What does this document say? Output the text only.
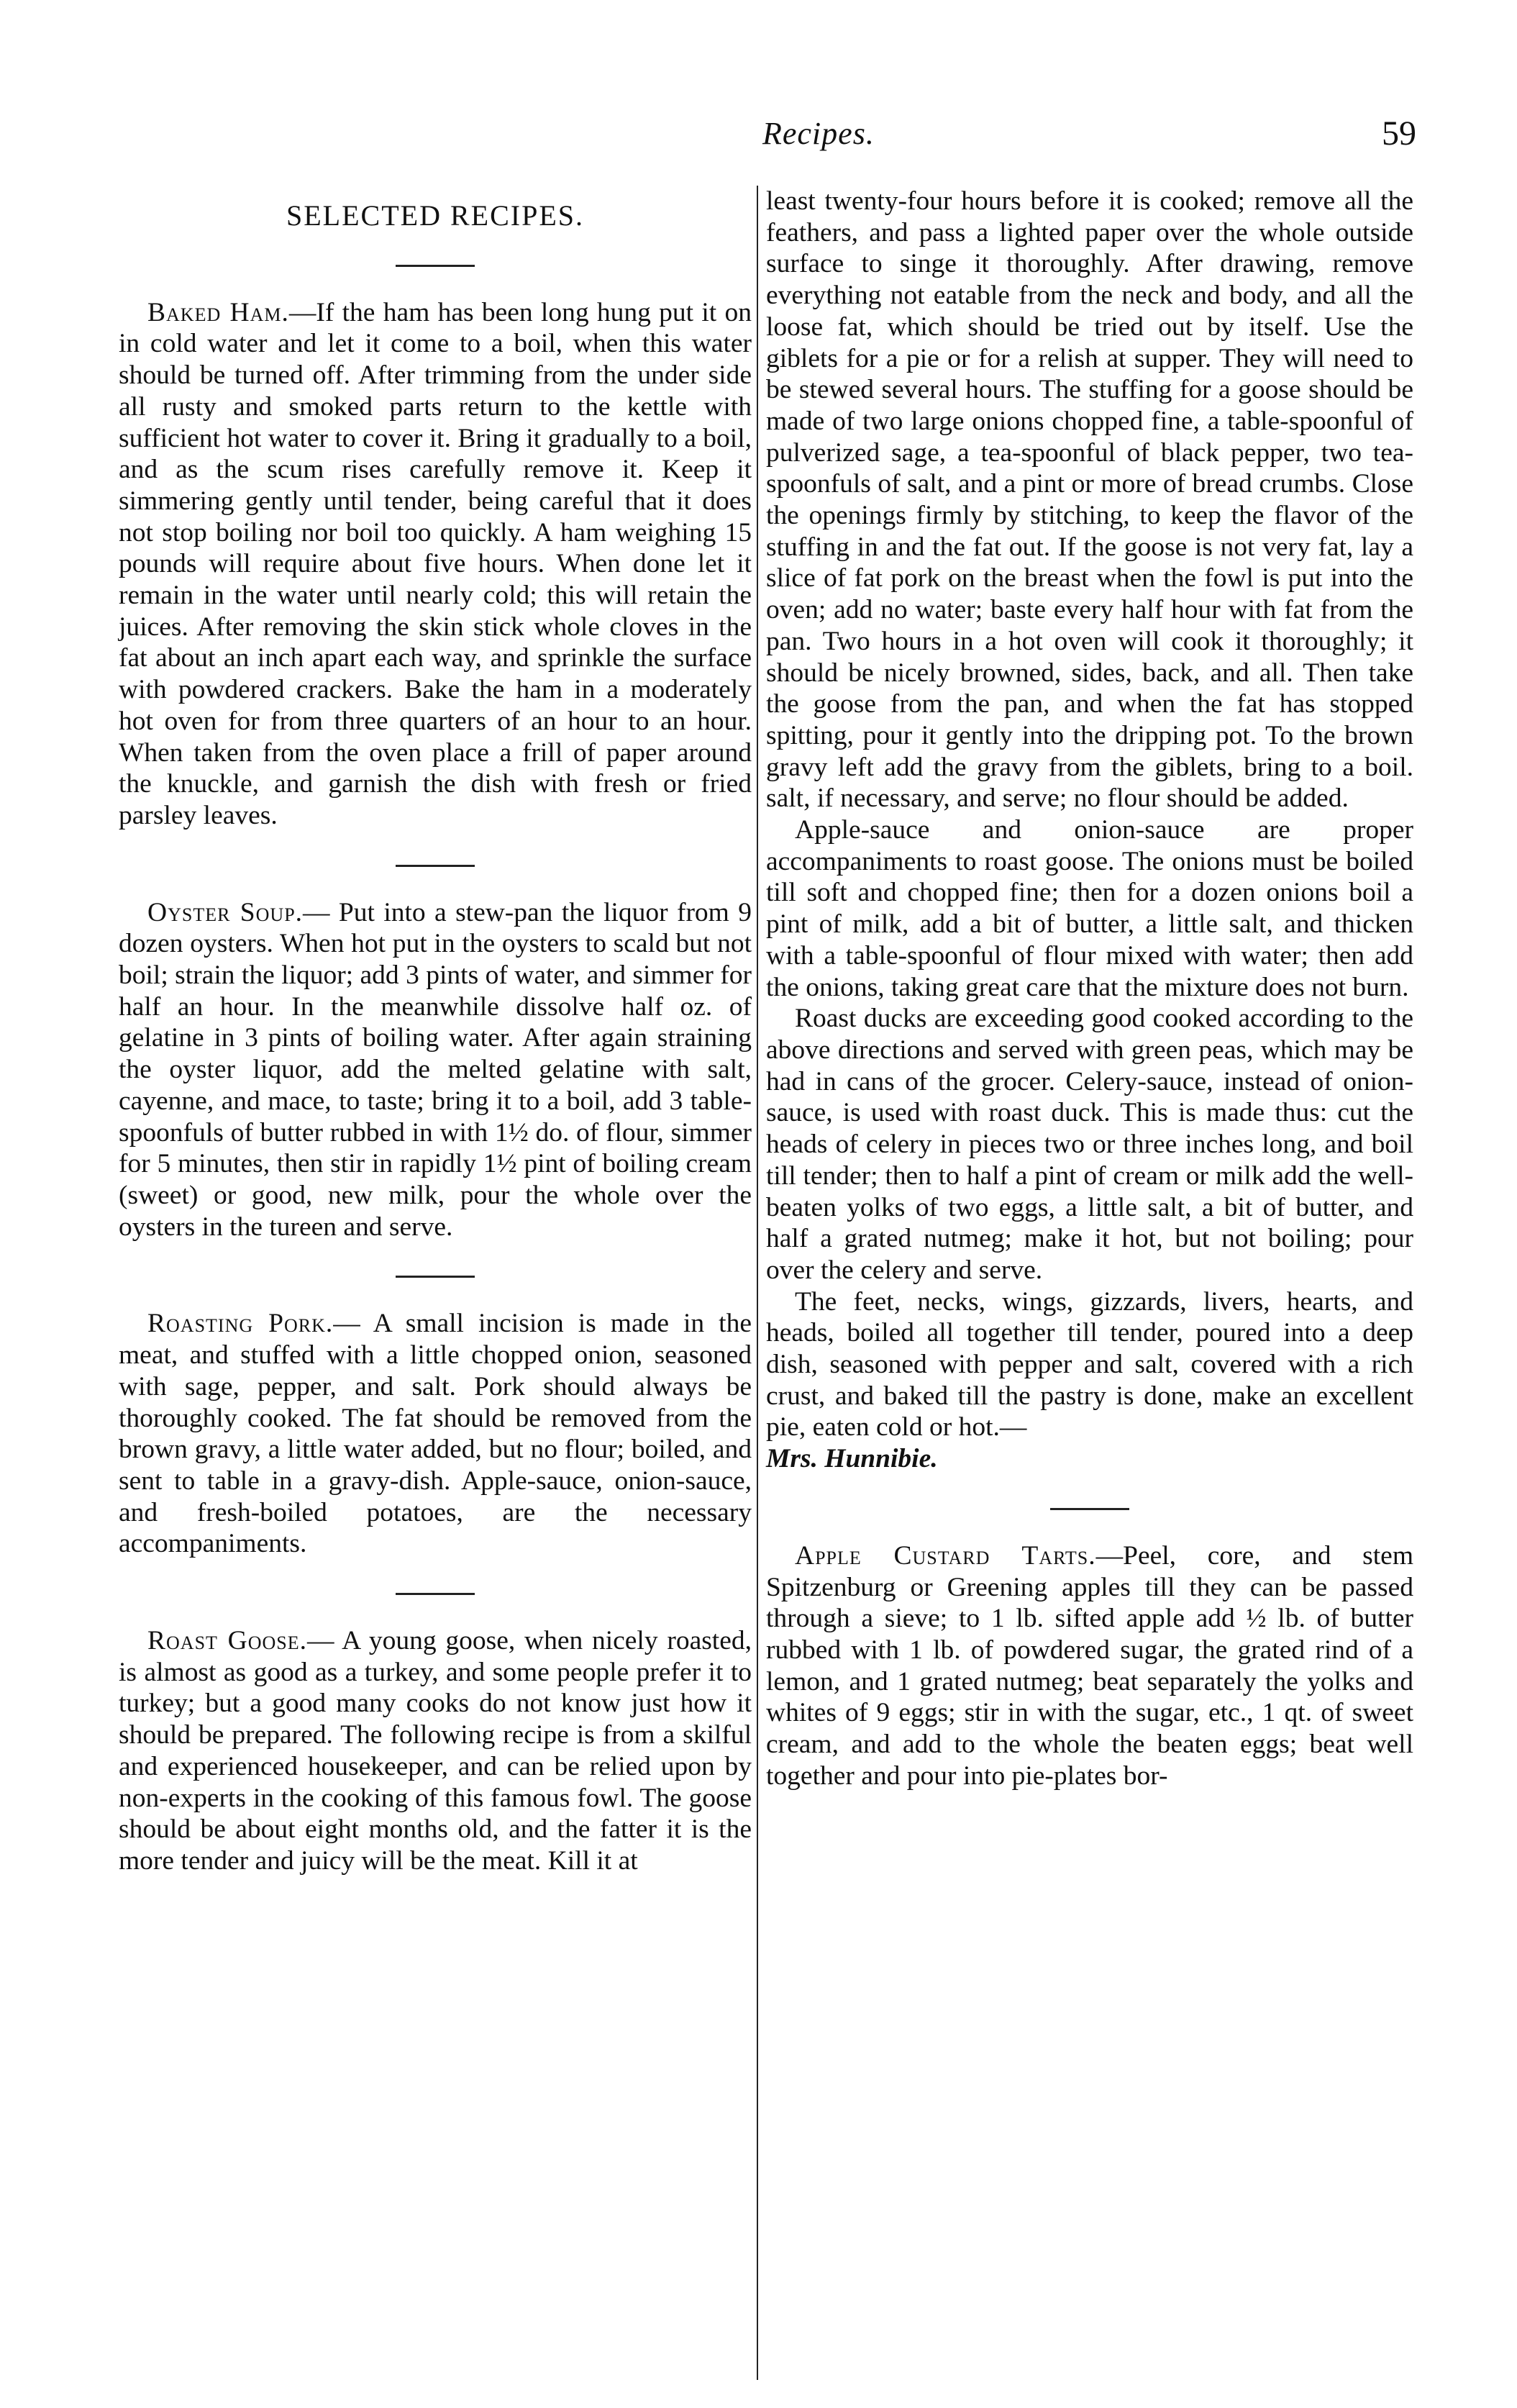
Recipes.	59
SELECTED RECIPES.

Baked Ham.—If the ham has been long hung put it on in cold water and let it come to a boil, when this water should be turned off. After trimming from the under side all rusty and smoked parts return to the kettle with sufficient hot water to cover it. Bring it gradually to a boil, and as the scum rises carefully remove it. Keep it simmering gently until tender, being careful that it does not stop boiling nor boil too quickly. A ham weighing 15 pounds will require about five hours. When done let it remain in the water until nearly cold; this will retain the juices. After removing the skin stick whole cloves in the fat about an inch apart each way, and sprinkle the surface with powdered crackers. Bake the ham in a moderately hot oven for from three quarters of an hour to an hour. When taken from the oven place a frill of paper around the knuckle, and garnish the dish with fresh or fried parsley leaves.

Oyster Soup.— Put into a stew-pan the liquor from 9 dozen oysters. When hot put in the oysters to scald but not boil; strain the liquor; add 3 pints of water, and simmer for half an hour. In the meanwhile dissolve half oz. of gelatine in 3 pints of boiling water. After again straining the oyster liquor, add the melted gelatine with salt, cayenne, and mace, to taste; bring it to a boil, add 3 table-spoonfuls of butter rubbed in with 1½ do. of flour, simmer for 5 minutes, then stir in rapidly 1½ pint of boiling cream (sweet) or good, new milk, pour the whole over the oysters in the tureen and serve.

Roasting Pork.— A small incision is made in the meat, and stuffed with a little chopped onion, seasoned with sage, pepper, and salt. Pork should always be thoroughly cooked. The fat should be removed from the brown gravy, a little water added, but no flour; boiled, and sent to table in a gravy-dish. Apple-sauce, onion-sauce, and fresh-boiled potatoes, are the necessary accompaniments.

Roast Goose.— A young goose, when nicely roasted, is almost as good as a turkey, and some people prefer it to turkey; but a good many cooks do not know just how it should be prepared. The following recipe is from a skilful and experienced housekeeper, and can be relied upon by non-experts in the cooking of this famous fowl. The goose should be about eight months old, and the fatter it is the more tender and juicy will be the meat. Kill it at

least twenty-four hours before it is cooked; remove all the feathers, and pass a lighted paper over the whole outside surface to singe it thoroughly. After drawing, remove everything not eatable from the neck and body, and all the loose fat, which should be tried out by itself. Use the giblets for a pie or for a relish at supper. They will need to be stewed several hours. The stuffing for a goose should be made of two large onions chopped fine, a table-spoonful of pulverized sage, a tea-spoonful of black pepper, two tea-spoonfuls of salt, and a pint or more of bread crumbs. Close the openings firmly by stitching, to keep the flavor of the stuffing in and the fat out. If the goose is not very fat, lay a slice of fat pork on the breast when the fowl is put into the oven; add no water; baste every half hour with fat from the pan. Two hours in a hot oven will cook it thoroughly; it should be nicely browned, sides, back, and all. Then take the goose from the pan, and when the fat has stopped spitting, pour it gently into the dripping pot. To the brown gravy left add the gravy from the giblets, bring to a boil. salt, if necessary, and serve; no flour should be added.

Apple-sauce and onion-sauce are proper accompaniments to roast goose. The onions must be boiled till soft and chopped fine; then for a dozen onions boil a pint of milk, add a bit of butter, a little salt, and thicken with a table-spoonful of flour mixed with water; then add the onions, taking great care that the mixture does not burn.

Roast ducks are exceeding good cooked according to the above directions and served with green peas, which may be had in cans of the grocer. Celery-sauce, instead of onion-sauce, is used with roast duck. This is made thus: cut the heads of celery in pieces two or three inches long, and boil till tender; then to half a pint of cream or milk add the well-beaten yolks of two eggs, a little salt, a bit of butter, and half a grated nutmeg; make it hot, but not boiling; pour over the celery and serve.

The feet, necks, wings, gizzards, livers, hearts, and heads, boiled all together till tender, poured into a deep dish, seasoned with pepper and salt, covered with a rich crust, and baked till the pastry is done, make an excellent pie, eaten cold or hot.—
Mrs. Hunnibie.

Apple Custard Tarts.—Peel, core, and stem Spitzenburg or Greening apples till they can be passed through a sieve; to 1 lb. sifted apple add ½ lb. of butter rubbed with 1 lb. of powdered sugar, the grated rind of a lemon, and 1 grated nutmeg; beat separately the yolks and whites of 9 eggs; stir in with the sugar, etc., 1 qt. of sweet cream, and add to the whole the beaten eggs; beat well together and pour into pie-plates bor-
